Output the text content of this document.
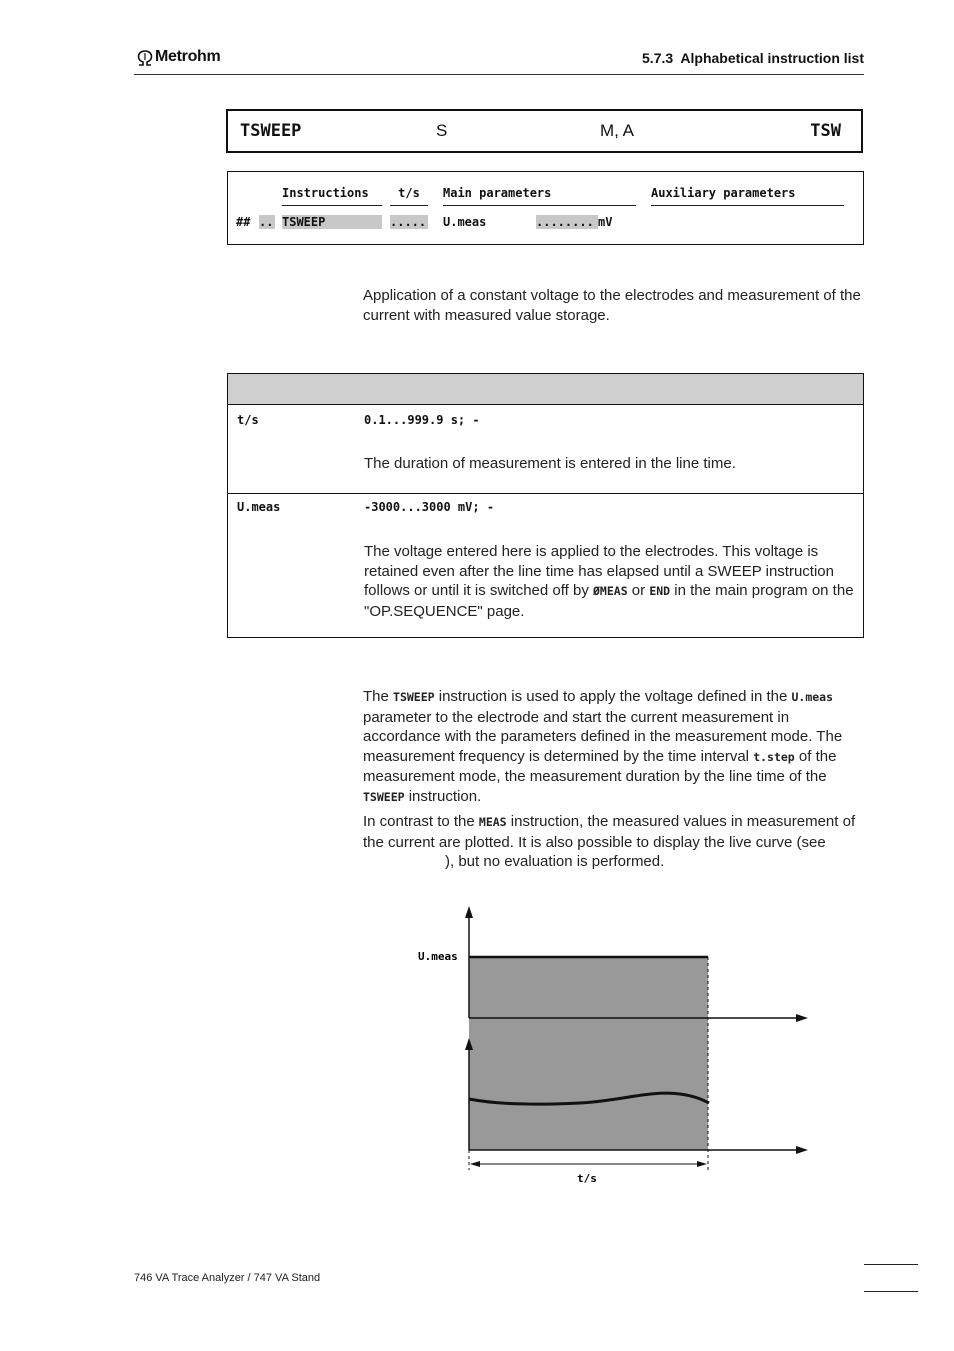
Metrohm	5.7.3  Alphabetical instruction list
TSWEEP	S	M, A	TSW
Instructions	t/s	Main parameters	Auxiliary parameters
## .. TSWEEP	..... U.meas	........ mV
Application of a constant voltage to the electrodes and measurement of the current with measured value storage.
t/s	0.1...999.9 s; -
The duration of measurement is entered in the line time.
U.meas	-3000...3000 mV; -
The voltage entered here is applied to the electrodes. This voltage is retained even after the line time has elapsed until a SWEEP instruction follows or until it is switched off by ØMEAS or END in the main program on the "OP.SEQUENCE" page.
The TSWEEP instruction is used to apply the voltage defined in the U.meas parameter to the electrode and start the current measurement in accordance with the parameters defined in the measurement mode. The measurement frequency is determined by the time interval t.step of the measurement mode, the measurement duration by the line time of the TSWEEP instruction.
In contrast to the MEAS instruction, the measured values in measurement of the current are plotted. It is also possible to display the live curve (see ), but no evaluation is performed.
U.meas
t/s
746 VA Trace Analyzer / 747 VA Stand
